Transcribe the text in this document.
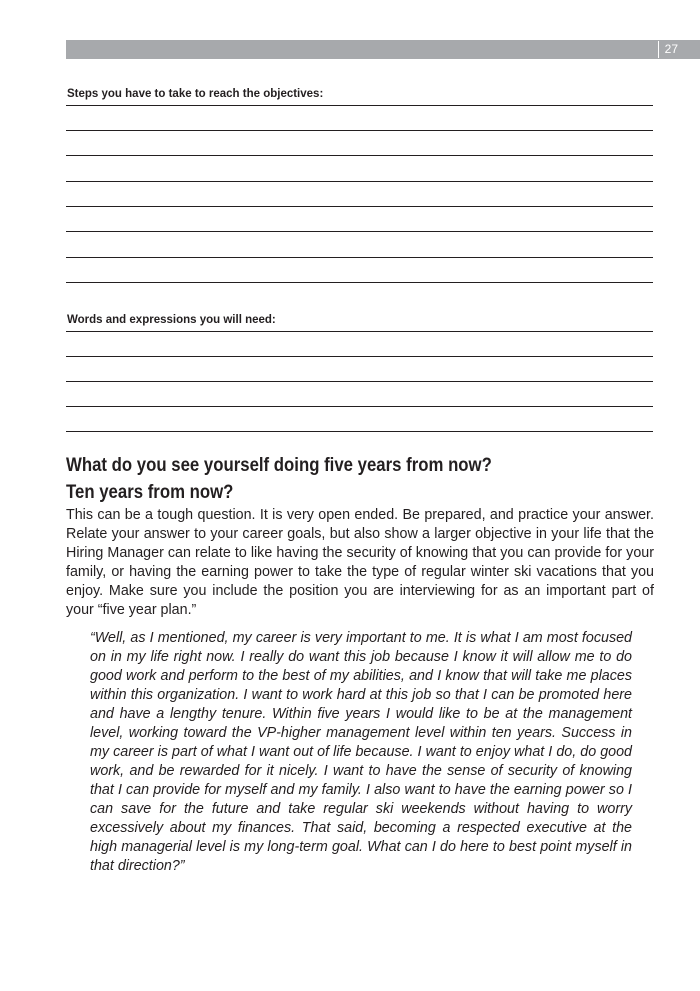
27
Steps you have to take to reach the objectives:
Words and expressions you will need:
What do you see yourself doing five years from now?
Ten years from now?
This can be a tough question. It is very open ended. Be prepared, and practice your answer. Relate your answer to your career goals, but also show a larger objective in your life that the Hiring Manager can relate to like having the security of knowing that you can provide for your family, or having the earning power to take the type of regular winter ski vacations that you enjoy. Make sure you include the position you are interviewing for as an important part of your “five year plan.”
“Well, as I mentioned, my career is very important to me. It is what I am most focused on in my life right now. I really do want this job because I know it will allow me to do good work and perform to the best of my abilities, and I know that will take me places within this organization. I want to work hard at this job so that I can be promoted here and have a lengthy tenure. Within five years I would like to be at the management level, working toward the VP-higher management level within ten years. Success in my career is part of what I want out of life because. I want to enjoy what I do, do good work, and be rewarded for it nicely. I want to have the sense of security of knowing that I can provide for myself and my family. I also want to have the earning power so I can save for the future and take regular ski weekends without having to worry excessively about my finances. That said, becoming a respected executive at the high managerial level is my long-term goal. What can I do here to best point myself in that direction?”
